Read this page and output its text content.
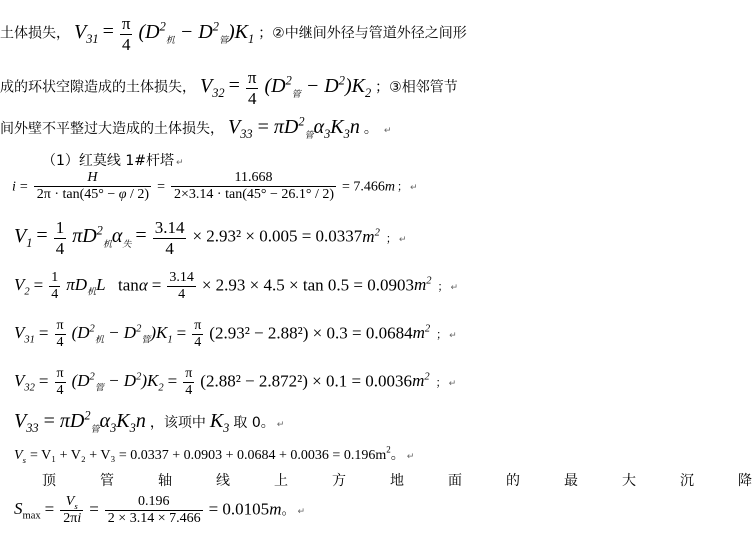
土体损失， $V_{31} = \frac{\pi}{4} (D^2_机 - D^2_管)K_1$ ；②中继间外径与管道外径之间形
成的环状空隙造成的土体损失， $V_{32} = \frac{\pi}{4} (D^2_管 - D^2)K_2$ ；③相邻管节
间外壁不平整过大造成的土体损失， $V_{33} = \pi D^2_管\alpha_3K_3n$ 。 ↵
（1）红莫线 1#杆塔 ↵
$i = \frac{H}{2\pi \cdot \tan(45^\circ - \varphi / 2)} = \frac{11.668}{2\times 3.14 \cdot \tan(45^\circ - 26.1^\circ / 2)} = 7.466m$ ； ↵
$V_1 = \frac{1}{4} \pi D^2_机\alpha_失 = \frac{3.14}{4} \times 2.93^2 \times 0.005 = 0.0337m^2$ ； ↵
$V_2 = \frac{1}{4} \pi D_机L$   $\tan\alpha = \frac{3.14}{4} \times 2.93 \times 4.5 \times \tan 0.5 = 0.0903m^2$ ； ↵
$V_{31} = \frac{\pi}{4} (D^2_机 - D^2_管)K_1 = \frac{\pi}{4} (2.93^2 - 2.88^2) \times 0.3 = 0.0684m^2$ ； ↵
$V_{32} = \frac{\pi}{4} (D^2_管 - D^2)K_2 = \frac{\pi}{4} (2.88^2 - 2.872^2) \times 0.1 = 0.0036m^2$ ； ↵
$V_{33} = \pi D^2_管\alpha_3K_3n$ ，该项中 $K_3$ 取 0。 ↵
$V_s = V_1 + V_2 + V_3 = 0.0337 + 0.0903 + 0.0684 + 0.0036 = 0.196m^2$。 ↵
顶	管	轴	线	上	方	地	面	的	最	大	沉	降
$S_{max} = \frac{V_s}{2\pi i} = \frac{0.196}{2 \times 3.14 \times 7.466} = 0.0105m$。 ↵
